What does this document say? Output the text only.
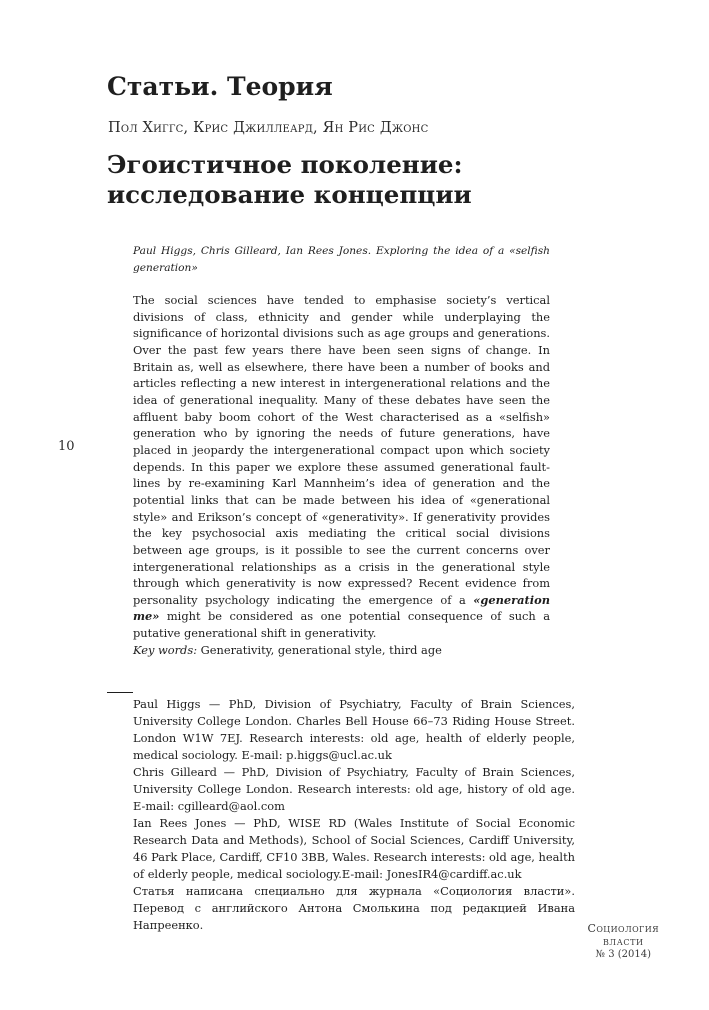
Статьи. Теория
Пол Хиггс, Крис Джиллеард, Ян Рис Джонс
Эгоистичное поколение: исследование концепции
10
Paul Higgs, Chris Gilleard, Ian Rees Jones. Exploring the idea of a «selfish generation»
The social sciences have tended to emphasise society’s vertical divisions of class, ethnicity and gender while underplaying the significance of horizontal divisions such as age groups and generations. Over the past few years there have been seen signs of change. In Britain as, well as elsewhere, there have been a number of books and articles reflecting a new interest in intergenerational relations and the idea of generational inequality. Many of these debates have seen the affluent baby boom cohort of the West characterised as a «selfish» generation who by ignoring the needs of future generations, have placed in jeopardy the intergenerational compact upon which society depends. In this paper we explore these assumed generational fault-lines by re-examining Karl Mannheim’s idea of generation and the potential links that can be made between his idea of «generational style» and Erikson’s concept of «generativity». If generativity provides the key psychosocial axis mediating the critical social divisions between age groups, is it possible to see the current concerns over intergenerational relationships as a crisis in the generational style through which generativity is now expressed? Recent evidence from personality psychology indicating the emergence of a «generation me» might be considered as one potential consequence of such a putative generational shift in generativity.
Key words: Generativity, generational style, third age

Paul Higgs — PhD, Division of Psychiatry, Faculty of Brain Sciences, University College London. Charles Bell House 66–73 Riding House Street. London W1W 7EJ. Research interests: old age, health of elderly people, medical sociology. E-mail: p.higgs@ucl.ac.uk

Chris Gilleard — PhD, Division of Psychiatry, Faculty of Brain Sciences, University College London. Research interests: old age, history of old age. E-mail: cgilleard@aol.com

Ian Rees Jones — PhD, WISE RD (Wales Institute of Social Economic Research Data and Methods), School of Social Sciences, Cardiff University, 46 Park Place, Cardiff, CF10 3BB, Wales. Research interests: old age, health of elderly people, medical sociology.E-mail: JonesIR4@cardiff.ac.uk

Статья написана специально для журнала «Социология власти». Перевод с английского Антона Смолькина под редакцией Ивана Напреенко.	Социология
власти
№ 3 (2014)
